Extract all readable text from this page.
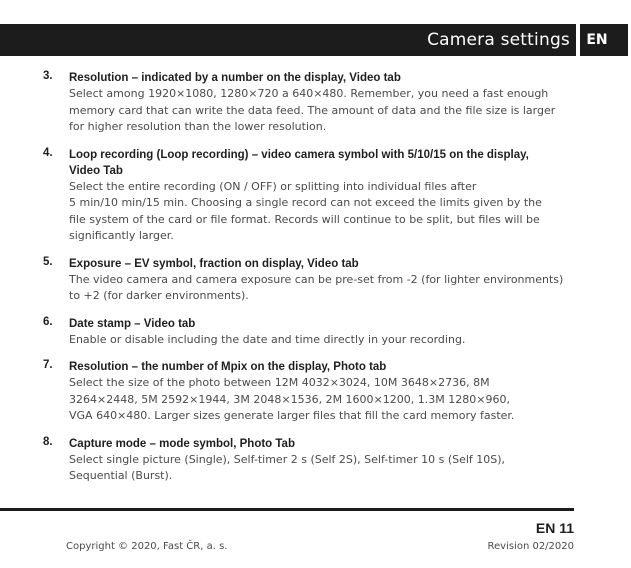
Camera settings EN
3. Resolution – indicated by a number on the display, Video tab
Select among 1920×1080, 1280×720 a 640×480. Remember, you need a fast enough
memory card that can write the data feed. The amount of data and the file size is larger
for higher resolution than the lower resolution.
4. Loop recording (Loop recording) – video camera symbol with 5/10/15 on the display,
Video Tab
Select the entire recording (ON / OFF) or splitting into individual files after
5 min/10 min/15 min. Choosing a single record can not exceed the limits given by the
file system of the card or file format. Records will continue to be split, but files will be
significantly larger.
5. Exposure – EV symbol, fraction on display, Video tab
The video camera and camera exposure can be pre-set from -2 (for lighter environments)
to +2 (for darker environments).
6. Date stamp – Video tab
Enable or disable including the date and time directly in your recording.
7. Resolution – the number of Mpix on the display, Photo tab
Select the size of the photo between 12M 4032×3024, 10M 3648×2736, 8M
3264×2448, 5M 2592×1944, 3M 2048×1536, 2M 1600×1200, 1.3M 1280×960,
VGA 640×480. Larger sizes generate larger files that fill the card memory faster.
8. Capture mode – mode symbol, Photo Tab
Select single picture (Single), Self-timer 2 s (Self 2S), Self-timer 10 s (Self 10S),
Sequential (Burst).
EN 11
Copyright © 2020, Fast ČR, a. s.	Revision 02/2020
